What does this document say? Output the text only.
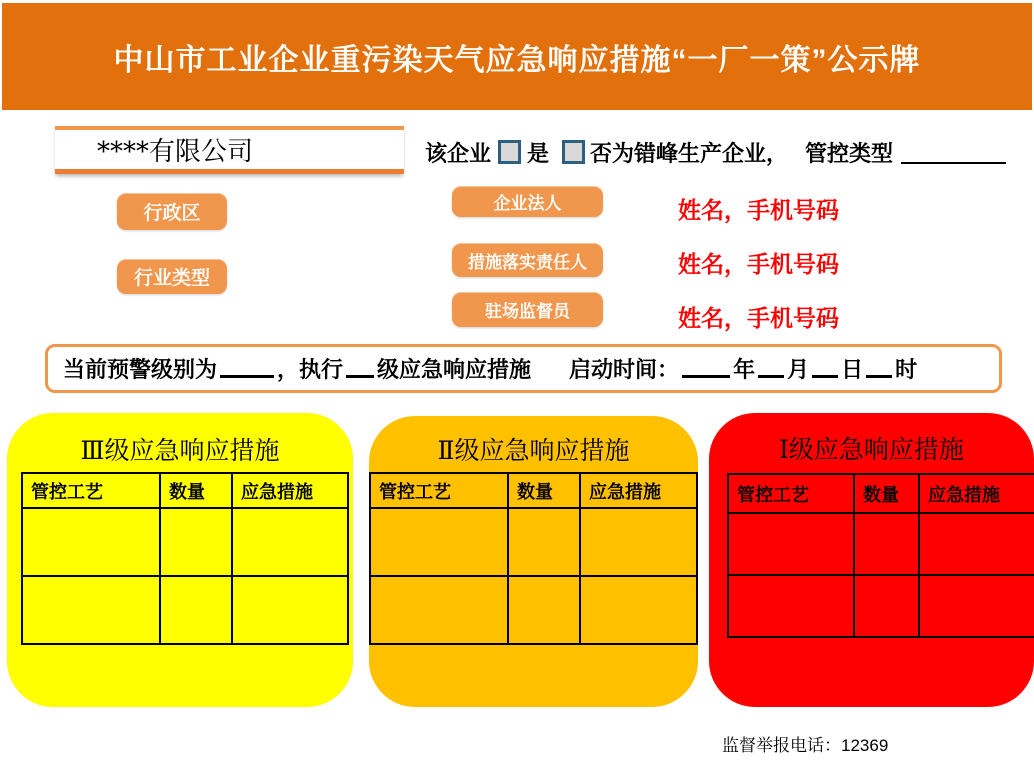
中山市工业企业重污染天气应急响应措施“一厂一策”公示牌
****有限公司	该企业 是 否为错峰生产企业， 管控类型
行政区
行业类型
企业法人	姓名，手机号码
措施落实责任人	姓名，手机号码
驻场监督员	姓名，手机号码
当前预警级别为	，执行 级应急响应措施 启动时间： 年 月 日 时
Ⅲ级应急响应措施
管控工艺	数量	应急措施

Ⅱ级应急响应措施
管控工艺	数量	应急措施

Ⅰ级应急响应措施
管控工艺	数量	应急措施

监督举报电话：12369
